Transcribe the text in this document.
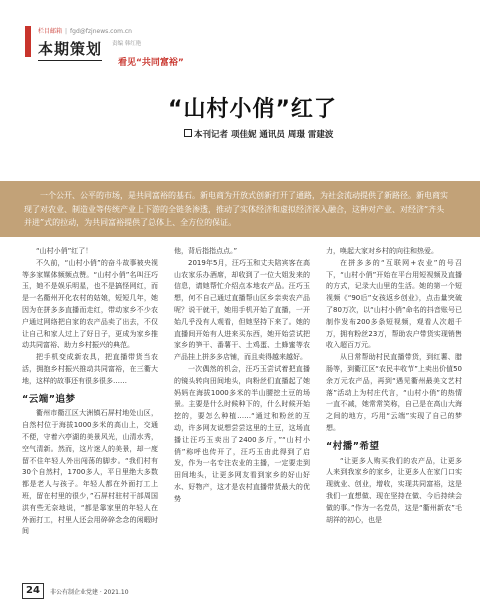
栏目邮箱 | fgd@fzjnews.com.cn
本期策划 责编 韩红艳
看见“共同富裕”
“山村小俏”红了
本刊记者 项佳妮 通讯员 周璟 雷建波

一个公开、公平的市场，是共同富裕的基石。新电商为开放式创新打开了通路，为社会流动提供了新路径。新电商实现了对农业、制造业等传统产业上下游的全链条渗透，推动了实体经济和虚拟经济深入融合，这种对产业、对经济“齐头并进”式的拉动，为共同富裕提供了总体上、全方位的保证。

“山村小俏”红了！

不久前，“山村小俏”的奋斗故事被央视等多家媒体频频点赞。“山村小俏”名叫汪巧玉，她不是娱乐明星，也不是搞怪网红，而是一名衢州开化农村的姑娘，短短几年，她因为在拼多多直播而走红，带动家乡不少农户通过网络把自家的农产品卖了出去，不仅让自己和家人过上了好日子，更成为家乡推动共同富裕、助力乡村振兴的典范。

把手机变成新农具，把直播带货当农活，拥抱乡村振兴推动共同富裕，在三衢大地，这样的故事还有很多很多……

“云端”追梦

衢州市衢江区大洲镇石屏村地处山区，自然村位于海拔1000多米的高山上，交通不便，守着六亭湖的美景风光，山清水秀，空气清新。然而，这片迷人的美景，却一度留不住年轻人外出闯荡的脚步。“我们村有30个自然村，1700多人，平日里绝大多数都是老人与孩子。年轻人都在外面打工上班，留在村里的很少，”石屏村驻村干部周国洪有些无奈地说，“都是靠家里的年轻人在外面打工，村里人还会用碎碎念念的闲暇时间

他，背后指指点点。”

2019年5月，汪巧玉和丈夫陪宾客在高山农家乐办酒席，却收到了一位大姐发来的信息，请她帮忙介绍点本地农产品。汪巧玉想，何不自己通过直播帮山区乡亲卖农产品呢？说干就干，她用手机开始了直播，一开始几乎没有人观看，但她坚持下来了。她的直播间开始有人进来买东西，她开始尝试把家乡的笋干、番薯干、土鸡蛋、土蜂蜜等农产品挂上拼多多店铺，而且卖得越来越好。

一次偶然的机会，汪巧玉尝试着把直播的镜头转向田间地头，向粉丝们直播起了她妈妈在海拔1000多米的半山腰挖土豆的场景。主要是什么时候种下的，什么时候开始挖的，要怎么种植……“通过和粉丝的互动，许多网友说想尝尝这里的土豆，这场直播让汪巧玉卖出了2400多斤，”“山村小俏”称呼也传开了，汪巧玉由此得到了启发，作为一名专注农业的主播，一定要走到田间地头，让更多网友看到家乡的好山好水、好物产，这才是农村直播带货最大的优势

力，唤起大家对乡村的向往和热爱。

在拼多多的“互联网+农业”的号召下，“山村小俏”开始在平台用短视频及直播的方式，记录大山里的生活。她的第一个短视频《“90后”女孩返乡创业》，点击量突破了80万次，以“山村小俏”命名的抖音账号已制作发布200多条短视频，观看人次超千万，拥有粉丝23万，帮助农户带货实现销售收入超百万元。

从日常帮助村民直播带货，到红薯、腊肠等，到衢江区“农民丰收节”上卖出价值50余万元农产品，再到“遇见衢州最美文艺村落”活动上为村庄代言，“山村小俏”的热情一直不减，她常常笑称，自己是在高山大海之间的地方，巧用“云端”实现了自己的梦想。

“村播”希望

“让更多人购买我们的农产品，让更多人来到我家乡的家乡，让更多人在家门口实现就业、创业，增收，实现共同富裕，这是我们一直想做、现在坚持在做、今后持续会做的事。”作为一名党员，这是“衢州新农”毛胡祥的初心，也是

24	非公有制企业党建 · 2021.10
